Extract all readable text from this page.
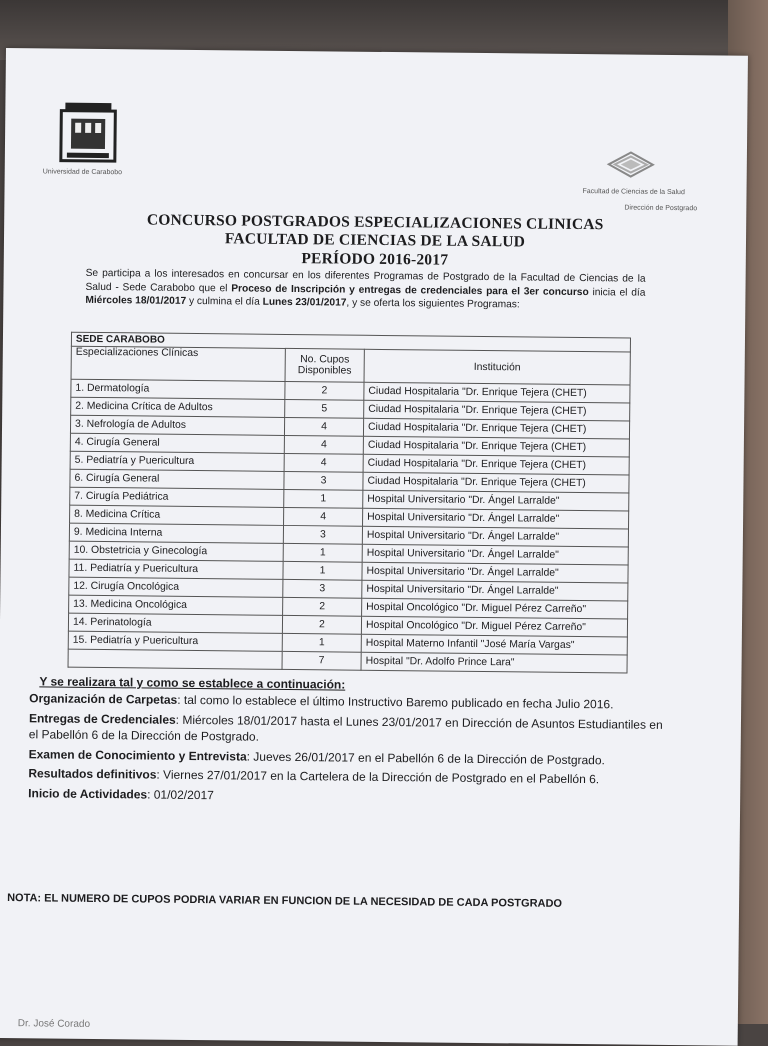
Universidad de Carabobo
Facultad de Ciencias de la Salud
Dirección de Postgrado
CONCURSO POSTGRADOS ESPECIALIZACIONES CLINICAS
FACULTAD DE CIENCIAS DE LA SALUD
PERÍODO 2016-2017
Se participa a los interesados en concursar en los diferentes Programas de Postgrado de la Facultad de Ciencias de la Salud - Sede Carabobo que el Proceso de Inscripción y entregas de credenciales para el 3er concurso inicia el día Miércoles 18/01/2017 y culmina el día Lunes 23/01/2017, y se oferta los siguientes Programas:
SEDE CARABOBO		
Especializaciones Clínicas	No. Cupos Disponibles	Institución
1. Dermatología	2	Ciudad Hospitalaria "Dr. Enrique Tejera (CHET)
2. Medicina Crítica de Adultos	5	Ciudad Hospitalaria "Dr. Enrique Tejera (CHET)
3. Nefrología de Adultos	4	Ciudad Hospitalaria "Dr. Enrique Tejera (CHET)
4. Cirugía General	4	Ciudad Hospitalaria "Dr. Enrique Tejera (CHET)
5. Pediatría y Puericultura	4	Ciudad Hospitalaria "Dr. Enrique Tejera (CHET)
6. Cirugía General	3	Ciudad Hospitalaria "Dr. Enrique Tejera (CHET)
7. Cirugía Pediátrica	1	Hospital Universitario "Dr. Ángel Larralde"
8. Medicina Crítica	4	Hospital Universitario "Dr. Ángel Larralde"
9. Medicina Interna	3	Hospital Universitario "Dr. Ángel Larralde"
10. Obstetricia y Ginecología	1	Hospital Universitario "Dr. Ángel Larralde"
11. Pediatría y Puericultura	1	Hospital Universitario "Dr. Ángel Larralde"
12. Cirugía Oncológica	3	Hospital Universitario "Dr. Ángel Larralde"
13. Medicina Oncológica	2	Hospital Oncológico "Dr. Miguel Pérez Carreño"
14. Perinatología	2	Hospital Oncológico "Dr. Miguel Pérez Carreño"
15. Pediatría y Puericultura	1	Hospital Materno Infantil "José María Vargas"
	7	Hospital "Dr. Adolfo Prince Lara"
Y se realizara tal y como se establece a continuación:

Organización de Carpetas: tal como lo establece el último Instructivo Baremo publicado en fecha Julio 2016.

Entregas de Credenciales: Miércoles 18/01/2017 hasta el Lunes 23/01/2017 en Dirección de Asuntos Estudiantiles en el Pabellón 6 de la Dirección de Postgrado.

Examen de Conocimiento y Entrevista: Jueves 26/01/2017 en el Pabellón 6 de la Dirección de Postgrado.

Resultados definitivos: Viernes 27/01/2017 en la Cartelera de la Dirección de Postgrado en el Pabellón 6.

Inicio de Actividades: 01/02/2017

NOTA: EL NUMERO DE CUPOS PODRIA VARIAR EN FUNCION DE LA NECESIDAD DE CADA POSTGRADO
Dr. José Corado
